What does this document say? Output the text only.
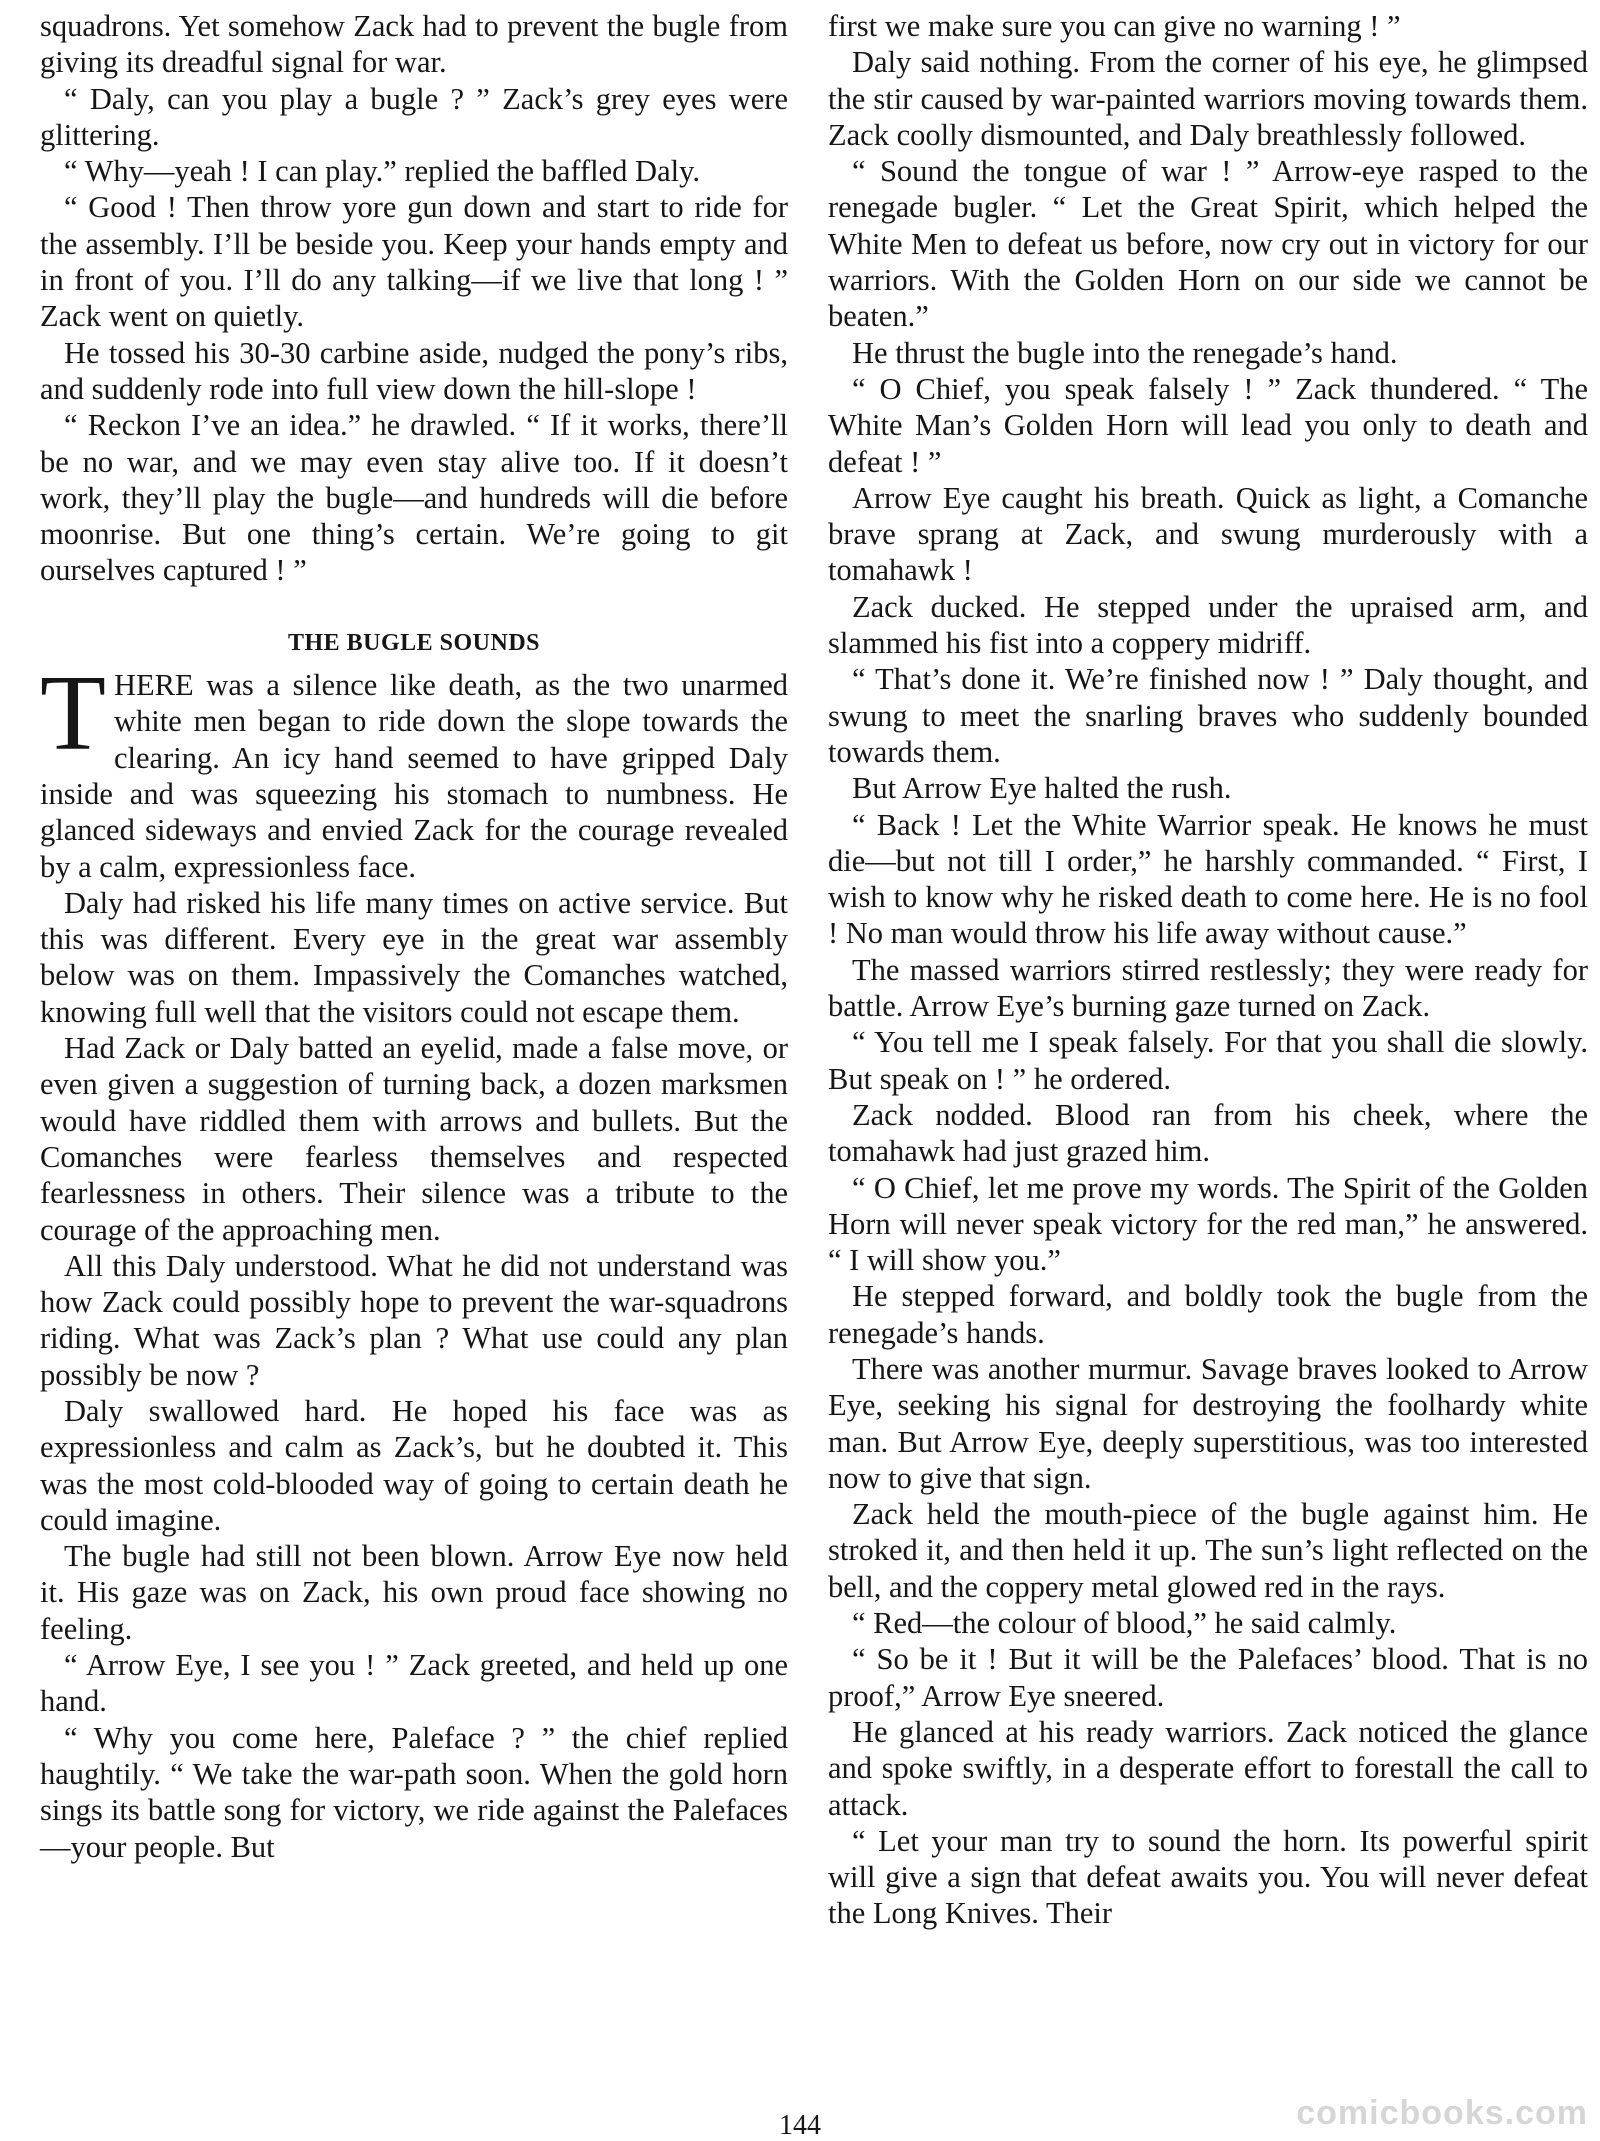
squadrons. Yet somehow Zack had to prevent the bugle from giving its dreadful signal for war.

“ Daly, can you play a bugle ? ” Zack’s grey eyes were glittering.

“ Why—yeah ! I can play.” replied the baffled Daly.

“ Good ! Then throw yore gun down and start to ride for the assembly. I’ll be beside you. Keep your hands empty and in front of you. I’ll do any talking—if we live that long ! ” Zack went on quietly.

He tossed his 30-30 carbine aside, nudged the pony’s ribs, and suddenly rode into full view down the hill-slope !

“ Reckon I’ve an idea.” he drawled. “ If it works, there’ll be no war, and we may even stay alive too. If it doesn’t work, they’ll play the bugle—and hundreds will die before moonrise. But one thing’s certain. We’re going to git ourselves captured ! ”

THE BUGLE SOUNDS

THERE was a silence like death, as the two unarmed white men began to ride down the slope towards the clearing. An icy hand seemed to have gripped Daly inside and was squeezing his stomach to numbness. He glanced sideways and envied Zack for the courage revealed by a calm, expressionless face.

Daly had risked his life many times on active service. But this was different. Every eye in the great war assembly below was on them. Impassively the Comanches watched, knowing full well that the visitors could not escape them.

Had Zack or Daly batted an eyelid, made a false move, or even given a suggestion of turning back, a dozen marksmen would have riddled them with arrows and bullets. But the Comanches were fearless themselves and respected fearlessness in others. Their silence was a tribute to the courage of the approaching men.

All this Daly understood. What he did not understand was how Zack could possibly hope to prevent the war-squadrons riding. What was Zack’s plan ? What use could any plan possibly be now ?

Daly swallowed hard. He hoped his face was as expressionless and calm as Zack’s, but he doubted it. This was the most cold-blooded way of going to certain death he could imagine.

The bugle had still not been blown. Arrow Eye now held it. His gaze was on Zack, his own proud face showing no feeling.

“ Arrow Eye, I see you ! ” Zack greeted, and held up one hand.

“ Why you come here, Paleface ? ” the chief replied haughtily. “ We take the war-path soon. When the gold horn sings its battle song for victory, we ride against the Palefaces—your people. But

first we make sure you can give no warning ! ”

Daly said nothing. From the corner of his eye, he glimpsed the stir caused by war-painted warriors moving towards them. Zack coolly dismounted, and Daly breathlessly followed.

“ Sound the tongue of war ! ” Arrow-eye rasped to the renegade bugler. “ Let the Great Spirit, which helped the White Men to defeat us before, now cry out in victory for our warriors. With the Golden Horn on our side we cannot be beaten.”

He thrust the bugle into the renegade’s hand.

“ O Chief, you speak falsely ! ” Zack thundered. “ The White Man’s Golden Horn will lead you only to death and defeat ! ”

Arrow Eye caught his breath. Quick as light, a Comanche brave sprang at Zack, and swung murderously with a tomahawk !

Zack ducked. He stepped under the upraised arm, and slammed his fist into a coppery midriff.

“ That’s done it. We’re finished now ! ” Daly thought, and swung to meet the snarling braves who suddenly bounded towards them.

But Arrow Eye halted the rush.

“ Back ! Let the White Warrior speak. He knows he must die—but not till I order,” he harshly commanded. “ First, I wish to know why he risked death to come here. He is no fool ! No man would throw his life away without cause.”

The massed warriors stirred restlessly; they were ready for battle. Arrow Eye’s burning gaze turned on Zack.

“ You tell me I speak falsely. For that you shall die slowly. But speak on ! ” he ordered.

Zack nodded. Blood ran from his cheek, where the tomahawk had just grazed him.

“ O Chief, let me prove my words. The Spirit of the Golden Horn will never speak victory for the red man,” he answered. “ I will show you.”

He stepped forward, and boldly took the bugle from the renegade’s hands.

There was another murmur. Savage braves looked to Arrow Eye, seeking his signal for destroying the foolhardy white man. But Arrow Eye, deeply superstitious, was too interested now to give that sign.

Zack held the mouth-piece of the bugle against him. He stroked it, and then held it up. The sun’s light reflected on the bell, and the coppery metal glowed red in the rays.

“ Red—the colour of blood,” he said calmly.

“ So be it ! But it will be the Palefaces’ blood. That is no proof,” Arrow Eye sneered.

He glanced at his ready warriors. Zack noticed the glance and spoke swiftly, in a desperate effort to forestall the call to attack.

“ Let your man try to sound the horn. Its powerful spirit will give a sign that defeat awaits you. You will never defeat the Long Knives. Their

144	comicbooks.com
